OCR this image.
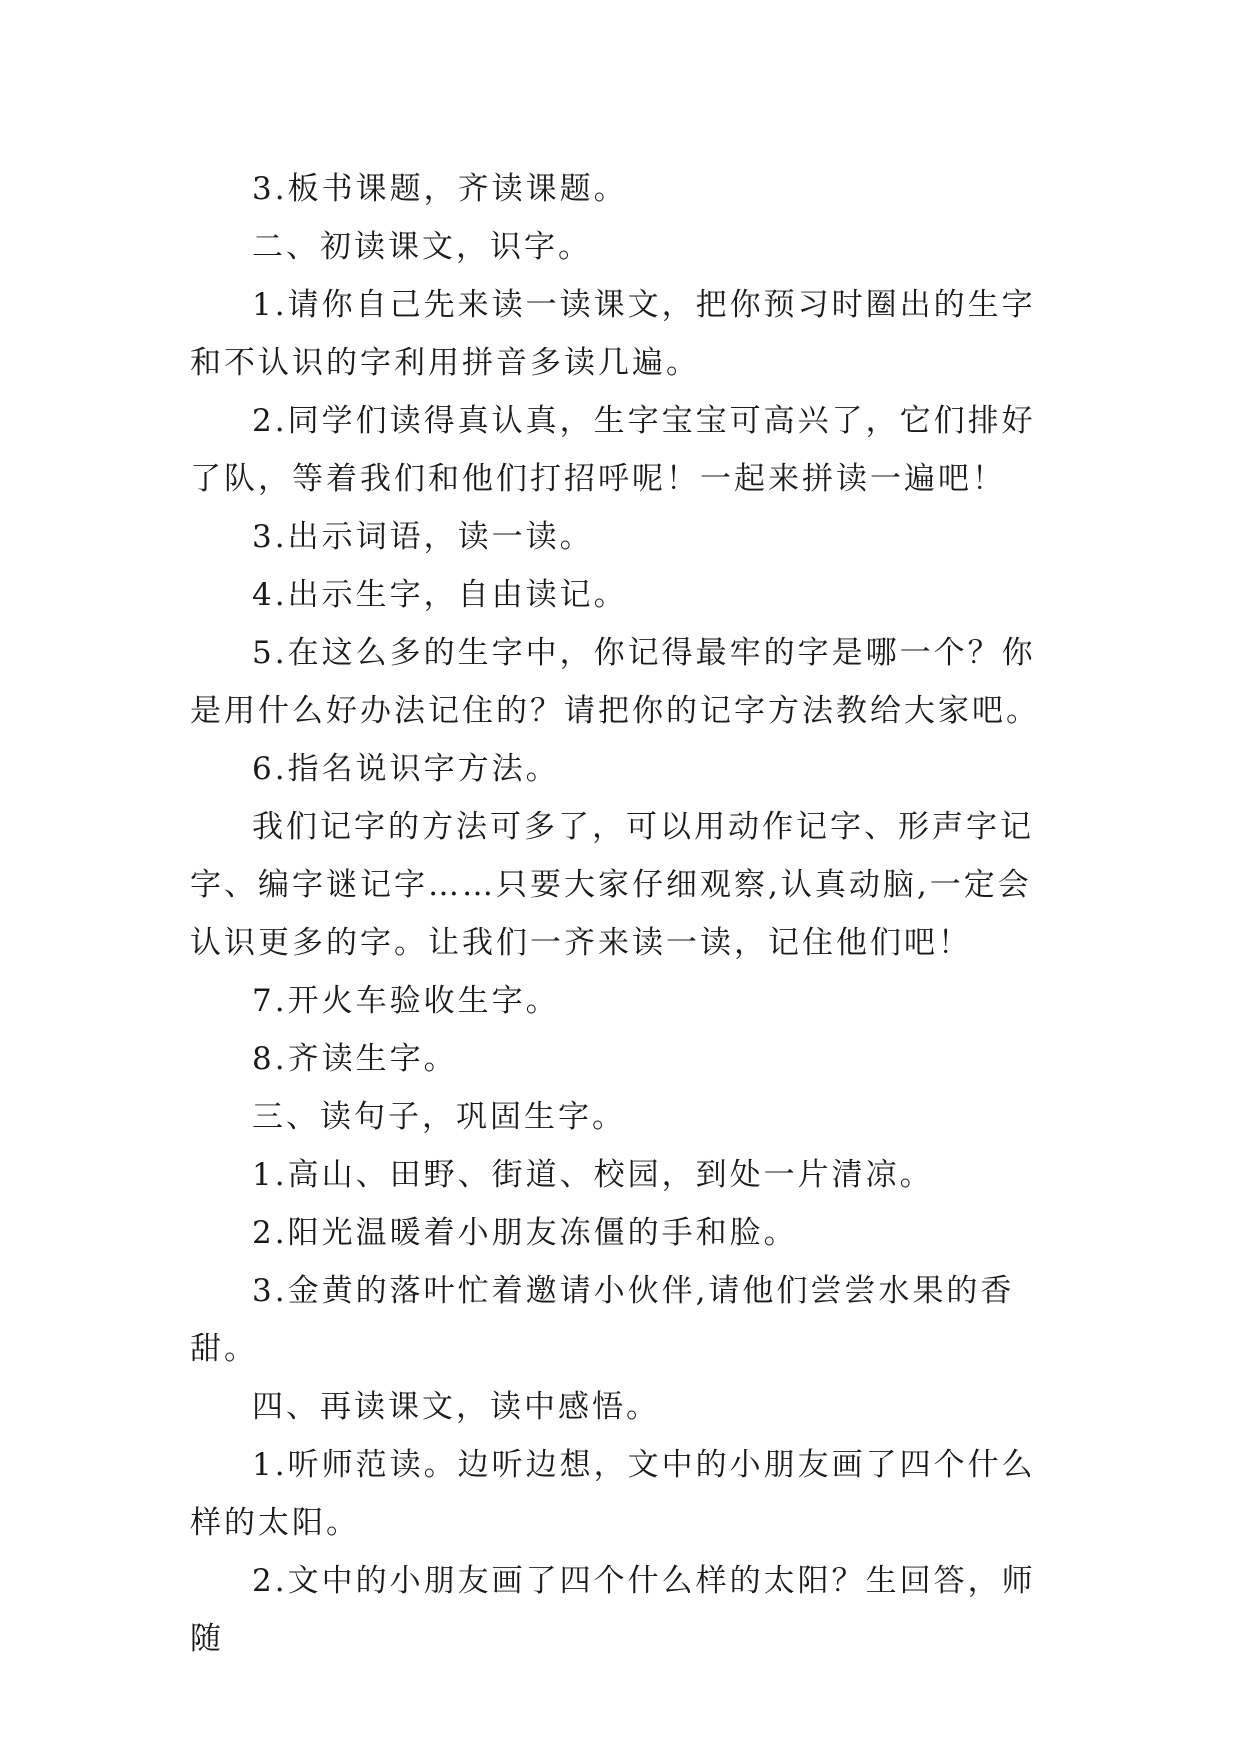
3.板书课题，齐读课题。

二、初读课文，识字。

1.请你自己先来读一读课文，把你预习时圈出的生字和不认识的字利用拼音多读几遍。

2.同学们读得真认真，生字宝宝可高兴了，它们排好了队，等着我们和他们打招呼呢！一起来拼读一遍吧！

3.出示词语，读一读。

4.出示生字，自由读记。

5.在这么多的生字中，你记得最牢的字是哪一个？你是用什么好办法记住的？请把你的记字方法教给大家吧。

6.指名说识字方法。

我们记字的方法可多了，可以用动作记字、形声字记字、编字谜记字……只要大家仔细观察,认真动脑,一定会认识更多的字。让我们一齐来读一读，记住他们吧！

7.开火车验收生字。

8.齐读生字。

三、读句子，巩固生字。

1.高山、田野、街道、校园，到处一片清凉。

2.阳光温暖着小朋友冻僵的手和脸。

3.金黄的落叶忙着邀请小伙伴,请他们尝尝水果的香甜。

四、再读课文，读中感悟。

1.听师范读。边听边想，文中的小朋友画了四个什么样的太阳。

2.文中的小朋友画了四个什么样的太阳？生回答，师随
